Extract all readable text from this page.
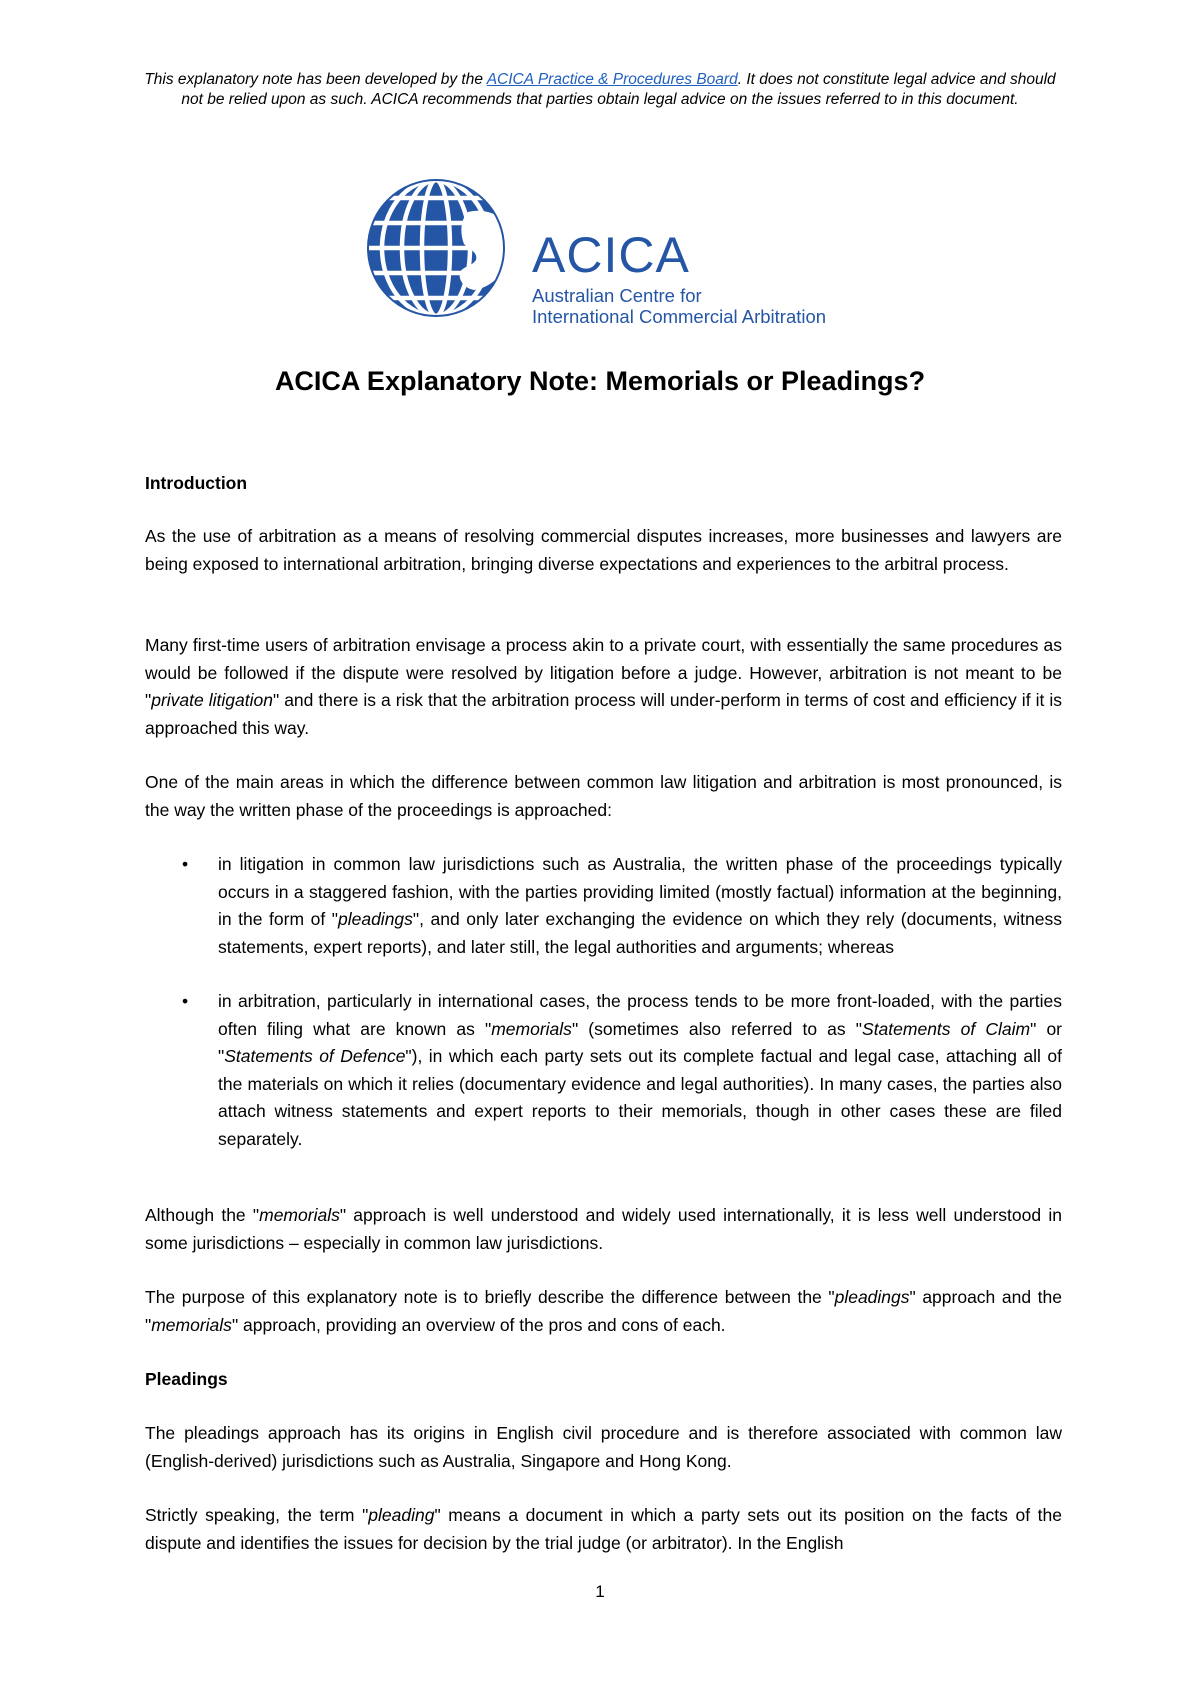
This explanatory note has been developed by the ACICA Practice & Procedures Board. It does not constitute legal advice and should not be relied upon as such. ACICA recommends that parties obtain legal advice on the issues referred to in this document.
ACICA
Australian Centre for
International Commercial Arbitration
ACICA Explanatory Note: Memorials or Pleadings?

Introduction

As the use of arbitration as a means of resolving commercial disputes increases, more businesses and lawyers are being exposed to international arbitration, bringing diverse expectations and experiences to the arbitral process.

Many first-time users of arbitration envisage a process akin to a private court, with essentially the same procedures as would be followed if the dispute were resolved by litigation before a judge. However, arbitration is not meant to be "private litigation" and there is a risk that the arbitration process will under-perform in terms of cost and efficiency if it is approached this way.

One of the main areas in which the difference between common law litigation and arbitration is most pronounced, is the way the written phase of the proceedings is approached:

• in litigation in common law jurisdictions such as Australia, the written phase of the proceedings typically occurs in a staggered fashion, with the parties providing limited (mostly factual) information at the beginning, in the form of "pleadings", and only later exchanging the evidence on which they rely (documents, witness statements, expert reports), and later still, the legal authorities and arguments; whereas
• in arbitration, particularly in international cases, the process tends to be more front-loaded, with the parties often filing what are known as "memorials" (sometimes also referred to as "Statements of Claim" or "Statements of Defence"), in which each party sets out its complete factual and legal case, attaching all of the materials on which it relies (documentary evidence and legal authorities). In many cases, the parties also attach witness statements and expert reports to their memorials, though in other cases these are filed separately.

Although the "memorials" approach is well understood and widely used internationally, it is less well understood in some jurisdictions – especially in common law jurisdictions.

The purpose of this explanatory note is to briefly describe the difference between the "pleadings" approach and the "memorials" approach, providing an overview of the pros and cons of each.

Pleadings

The pleadings approach has its origins in English civil procedure and is therefore associated with common law (English-derived) jurisdictions such as Australia, Singapore and Hong Kong.

Strictly speaking, the term "pleading" means a document in which a party sets out its position on the facts of the dispute and identifies the issues for decision by the trial judge (or arbitrator). In the English

1
